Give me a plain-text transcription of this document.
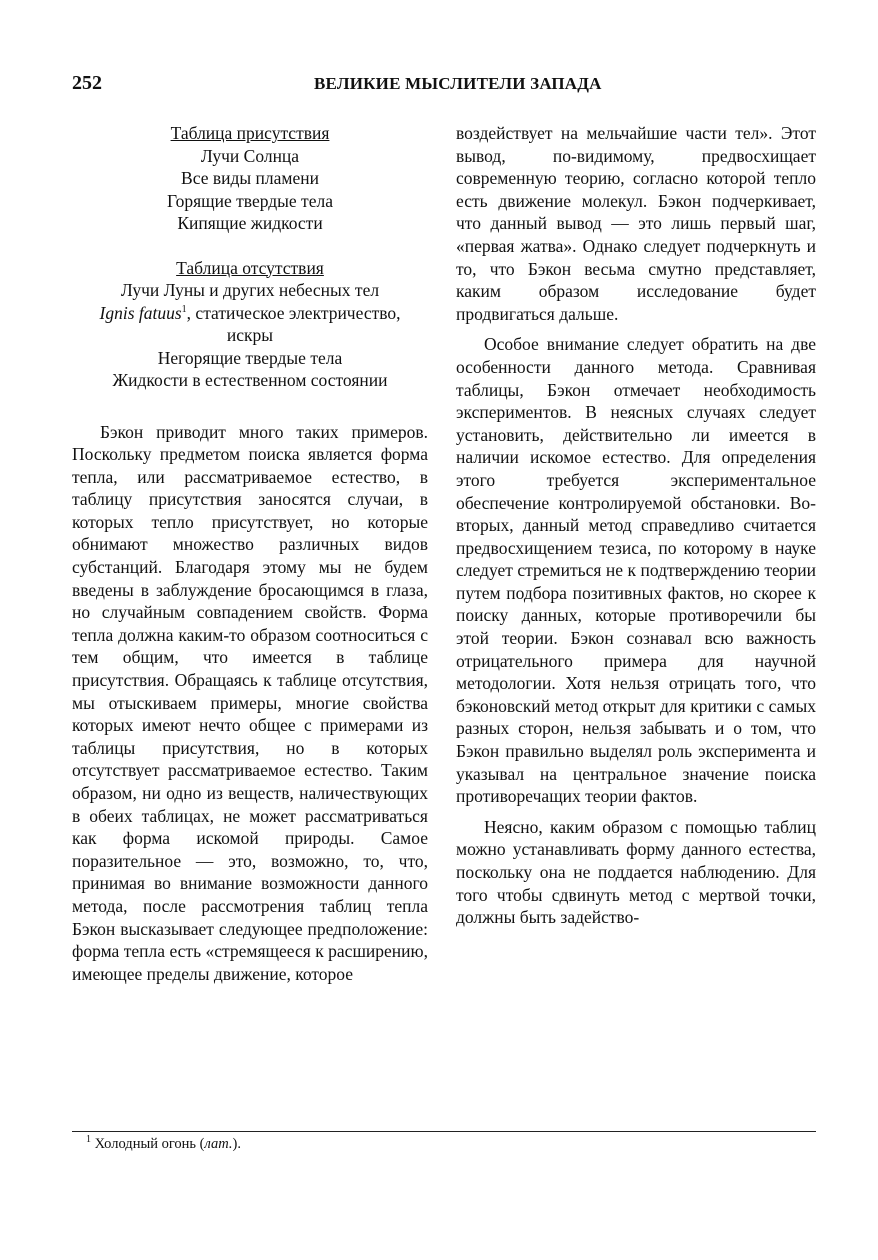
252	ВЕЛИКИЕ МЫСЛИТЕЛИ ЗАПАДА
Таблица присутствия
Лучи Солнца
Все виды пламени
Горящие твердые тела
Кипящие жидкости
Таблица отсутствия
Лучи Луны и других небесных тел
Ignis fatuus$^1$, статическое электричество,
искры
Негорящие твердые тела
Жидкости в естественном состоянии

Бэкон приводит много таких примеров. Поскольку предметом поиска является форма тепла, или рассматриваемое естество, в таблицу присутствия заносятся случаи, в которых тепло присутствует, но которые обнимают множество различных видов субстанций. Благодаря этому мы не будем введены в заблуждение бросающимся в глаза, но случайным совпадением свойств. Форма тепла должна каким-то образом соотноситься с тем общим, что имеется в таблице присутствия. Обращаясь к таблице отсутствия, мы отыскиваем примеры, многие свойства которых имеют нечто общее с примерами из таблицы присутствия, но в которых отсутствует рассматриваемое естество. Таким образом, ни одно из веществ, наличествующих в обеих таблицах, не может рассматриваться как форма искомой природы. Самое поразительное — это, возможно, то, что, принимая во внимание возможности данного метода, после рассмотрения таблиц тепла Бэкон высказывает следующее предположение: форма тепла есть «стремящееся к расширению, имеющее пределы движение, которое

воздействует на мельчайшие части тел». Этот вывод, по-видимому, предвосхищает современную теорию, согласно которой тепло есть движение молекул. Бэкон подчеркивает, что данный вывод — это лишь первый шаг, «первая жатва». Однако следует подчеркнуть и то, что Бэкон весьма смутно представляет, каким образом исследование будет продвигаться дальше.

Особое внимание следует обратить на две особенности данного метода. Сравнивая таблицы, Бэкон отмечает необходимость экспериментов. В неясных случаях следует установить, действительно ли имеется в наличии искомое естество. Для определения этого требуется экспериментальное обеспечение контролируемой обстановки. Во-вторых, данный метод справедливо считается предвосхищением тезиса, по которому в науке следует стремиться не к подтверждению теории путем подбора позитивных фактов, но скорее к поиску данных, которые противоречили бы этой теории. Бэкон сознавал всю важность отрицательного примера для научной методологии. Хотя нельзя отрицать того, что бэконовский метод открыт для критики с самых разных сторон, нельзя забывать и о том, что Бэкон правильно выделял роль эксперимента и указывал на центральное значение поиска противоречащих теории фактов.

Неясно, каким образом с помощью таблиц можно устанавливать форму данного естества, поскольку она не поддается наблюдению. Для того чтобы сдвинуть метод с мертвой точки, должны быть задейство-

$^1$ Холодный огонь (лат.).
